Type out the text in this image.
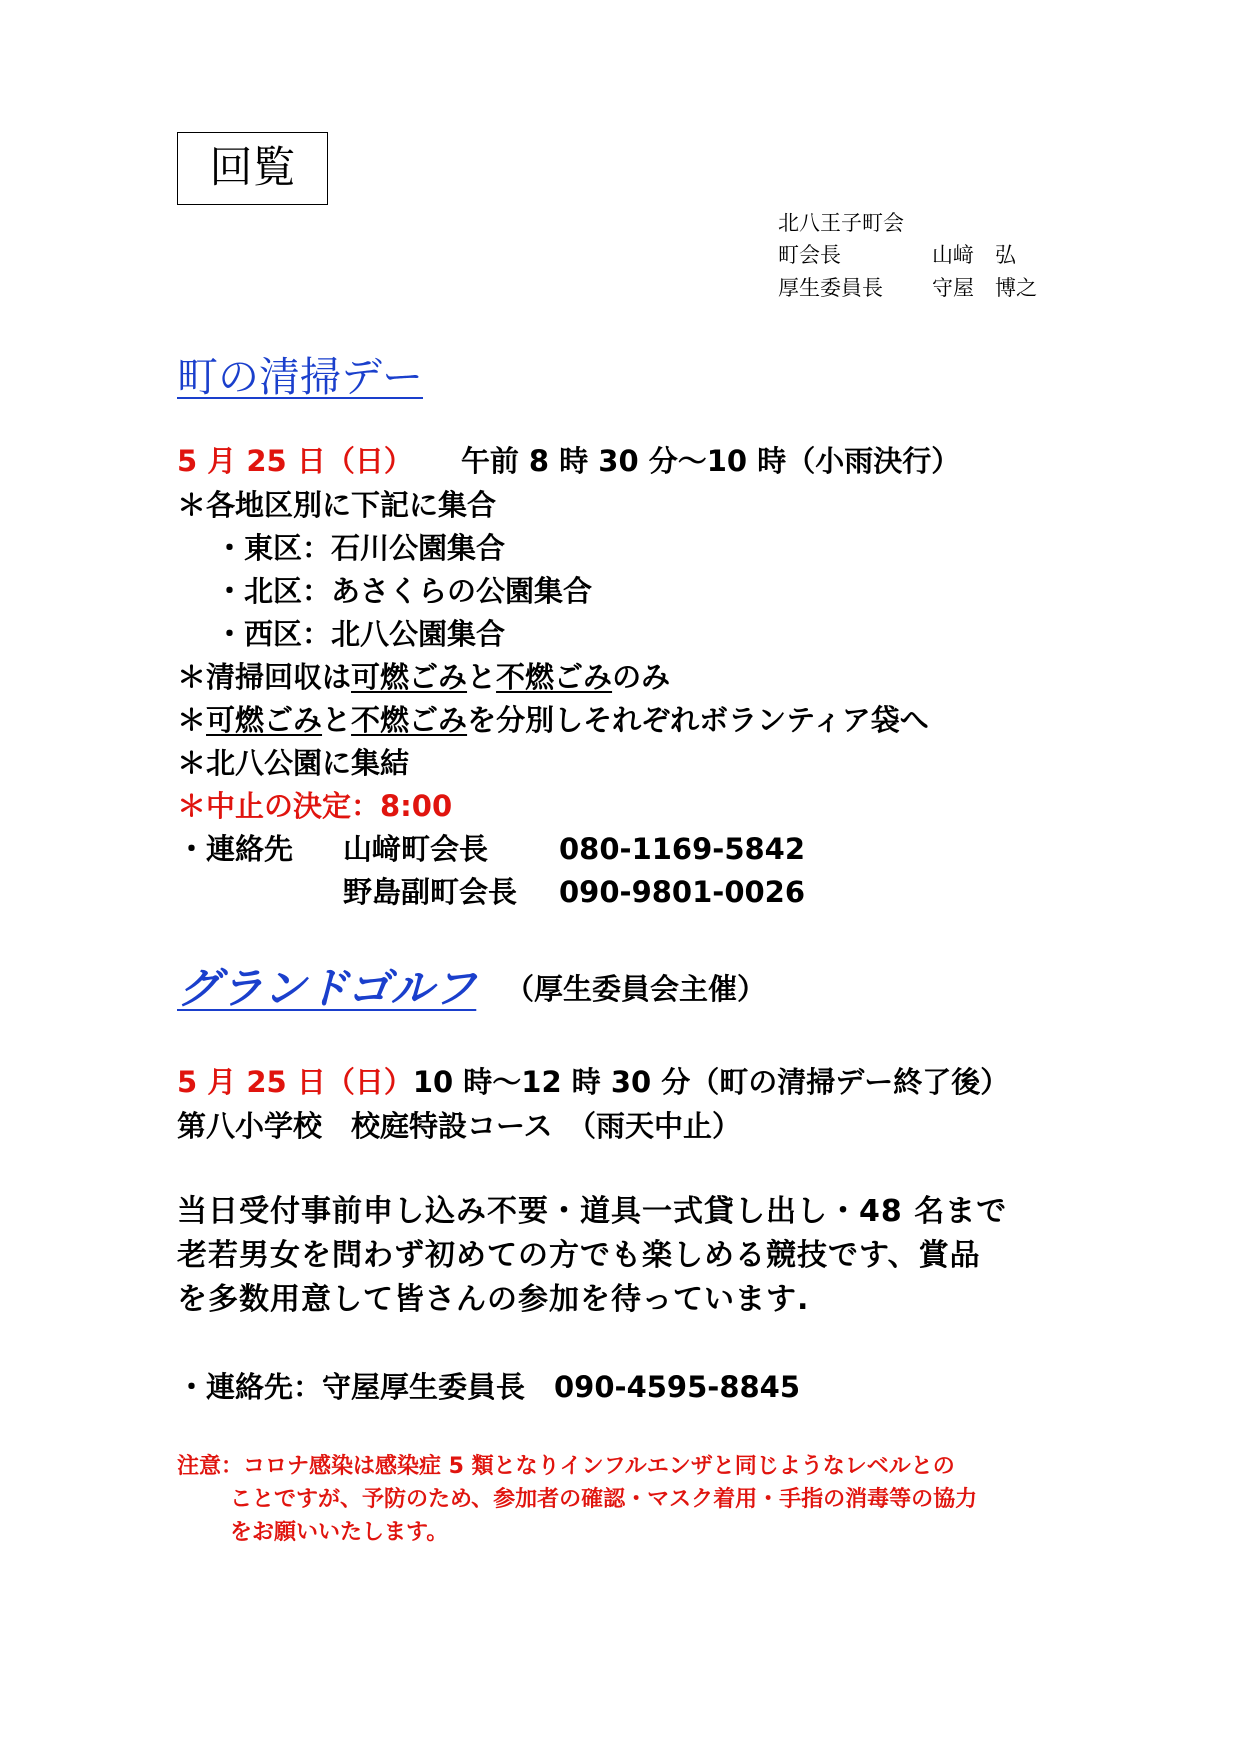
回覧
北八王子町会
町会長	山﨑　弘
厚生委員長 守屋　博之
町の清掃デー
5 月 25 日（日） 午前 8 時 30 分～10 時（小雨決行）
＊各地区別に下記に集合
・東区：石川公園集合
・北区：あさくらの公園集合
・西区：北八公園集合
＊清掃回収は可燃ごみと不燃ごみのみ
＊可燃ごみと不燃ごみを分別しそれぞれボランティア袋へ
＊北八公園に集結
＊中止の決定：8:00
・連絡先 山﨑町会長 080-1169-5842
野島副町会長 090-9801-0026
グランドゴルフ （厚生委員会主催）
5 月 25 日（日）10 時～12 時 30 分（町の清掃デー終了後）
第八小学校　校庭特設コース　（雨天中止）
当日受付事前申し込み不要・道具一式貸し出し・48 名まで
老若男女を問わず初めての方でも楽しめる競技です、賞品
を多数用意して皆さんの参加を待っています.
・連絡先：守屋厚生委員長　090-4595-8845
注意：コロナ感染は感染症 5 類となりインフルエンザと同じようなレベルとの
ことですが、予防のため、参加者の確認・マスク着用・手指の消毒等の協力
をお願いいたします。
